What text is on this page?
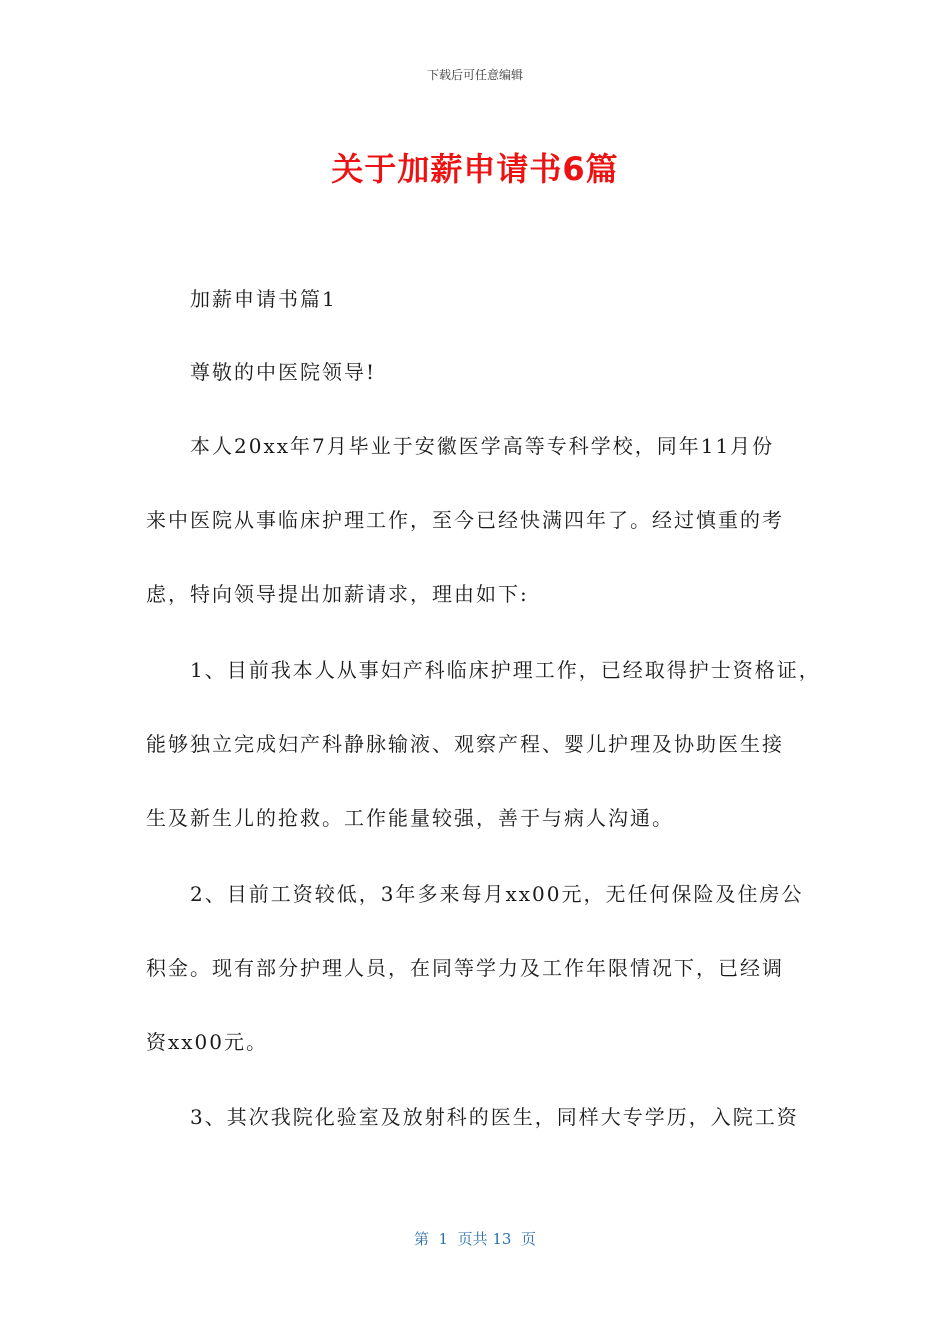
下载后可任意编辑
关于加薪申请书6篇
加薪申请书篇1
尊敬的中医院领导!
本人20xx年7月毕业于安徽医学高等专科学校，同年11月份
来中医院从事临床护理工作，至今已经快满四年了。经过慎重的考
虑，特向领导提出加薪请求，理由如下:
1、目前我本人从事妇产科临床护理工作，已经取得护士资格证，
能够独立完成妇产科静脉输液、观察产程、婴儿护理及协助医生接
生及新生儿的抢救。工作能量较强，善于与病人沟通。
2、目前工资较低，3年多来每月xx00元，无任何保险及住房公
积金。现有部分护理人员，在同等学力及工作年限情况下，已经调
资xx00元。
3、其次我院化验室及放射科的医生，同样大专学历，入院工资
第  1  页共 13  页
